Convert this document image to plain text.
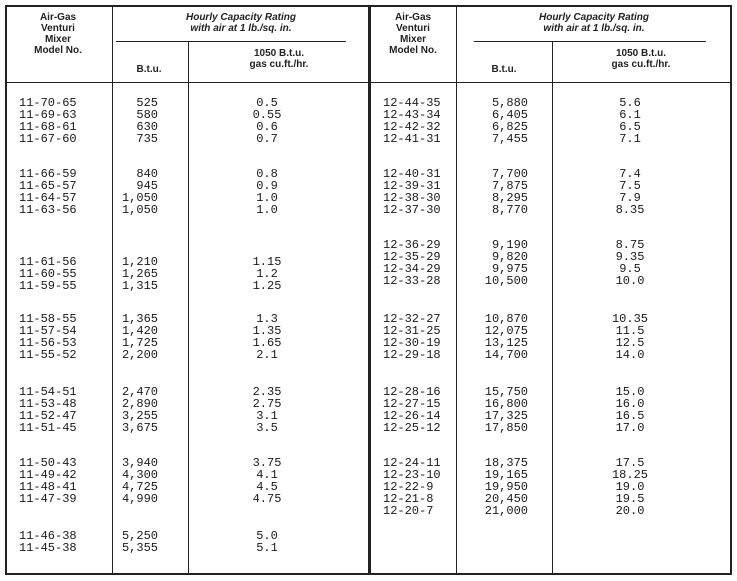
Air-Gas
Venturi
Mixer
Model No.
Hourly Capacity Rating
with air at 1 lb./sq. in.
B.t.u.
1050 B.t.u.
gas cu.ft./hr.
Air-Gas
Venturi
Mixer
Model No.
Hourly Capacity Rating
with air at 1 lb./sq. in.
B.t.u.
1050 B.t.u.
gas cu.ft./hr.
11-70-65	525	0.5
11-69-63	580	0.55
11-68-61	630	0.6
11-67-60	735	0.7
11-66-59	840	0.8
11-65-57	945	0.9
11-64-57	1,050	1.0
11-63-56	1,050	1.0
11-61-56	1,210	1.15
11-60-55	1,265	1.2
11-59-55	1,315	1.25
11-58-55	1,365	1.3
11-57-54	1,420	1.35
11-56-53	1,725	1.65
11-55-52	2,200	2.1
11-54-51	2,470	2.35
11-53-48	2,890	2.75
11-52-47	3,255	3.1
11-51-45	3,675	3.5
11-50-43	3,940	3.75
11-49-42	4,300	4.1
11-48-41	4,725	4.5
11-47-39	4,990	4.75
11-46-38	5,250	5.0
11-45-38	5,355	5.1
12-44-35	5,880	5.6
12-43-34	6,405	6.1
12-42-32	6,825	6.5
12-41-31	7,455	7.1
12-40-31	7,700	7.4
12-39-31	7,875	7.5
12-38-30	8,295	7.9
12-37-30	8,770	8.35
12-36-29	9,190	8.75
12-35-29	9,820	9.35
12-34-29	9,975	9.5
12-33-28	10,500	10.0
12-32-27	10,870	10.35
12-31-25	12,075	11.5
12-30-19	13,125	12.5
12-29-18	14,700	14.0
12-28-16	15,750	15.0
12-27-15	16,800	16.0
12-26-14	17,325	16.5
12-25-12	17,850	17.0
12-24-11	18,375	17.5
12-23-10	19,165	18.25
12-22-9	19,950	19.0
12-21-8	20,450	19.5
12-20-7	21,000	20.0
